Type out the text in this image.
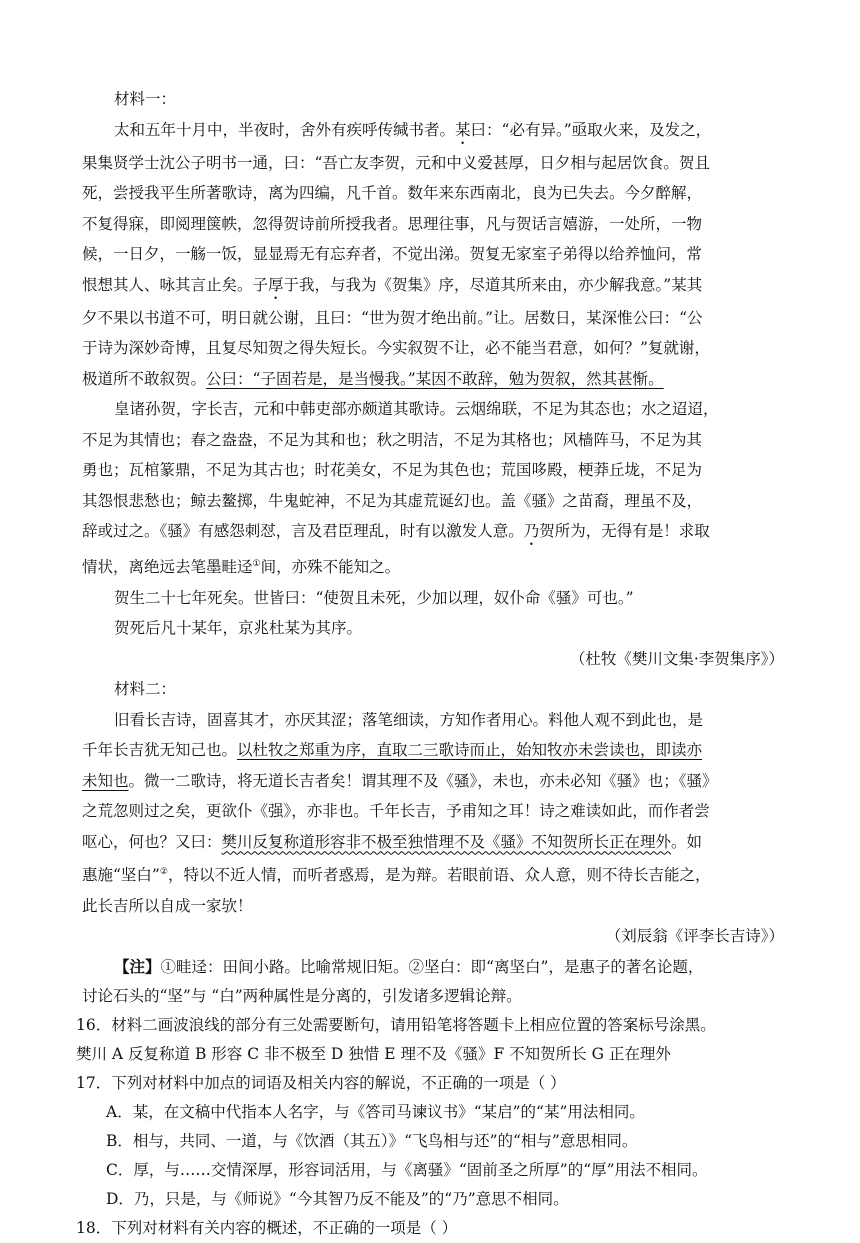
材料一：

太和五年十月中，半夜时，舍外有疾呼传缄书者。某曰：“必有异。”亟取火来，及发之，

果集贤学士沈公子明书一通，曰：“吾亡友李贺，元和中义爱甚厚，日夕相与起居饮食。贺且

死，尝授我平生所著歌诗，离为四编，凡千首。数年来东西南北，良为已失去。今夕醉解，

不复得寐，即阅理箧帙，忽得贺诗前所授我者。思理往事，凡与贺话言嬉游，一处所，一物

候，一日夕，一觞一饭，显显焉无有忘弃者，不觉出涕。贺复无家室子弟得以给养恤问，常

恨想其人、咏其言止矣。子厚于我，与我为《贺集》序，尽道其所来由，亦少解我意。”某其

夕不果以书道不可，明日就公谢，且曰：“世为贺才绝出前。”让。居数日，某深惟公曰：“公

于诗为深妙奇博，且复尽知贺之得失短长。今实叙贺不让，必不能当君意，如何？”复就谢，

极道所不敢叙贺。公曰：“子固若是，是当慢我。”某因不敢辞，勉为贺叙，然其甚惭。

皇诸孙贺，字长吉，元和中韩吏部亦颇道其歌诗。云烟绵联，不足为其态也；水之迢迢，

不足为其情也；春之盎盎，不足为其和也；秋之明洁，不足为其格也；风樯阵马，不足为其

勇也；瓦棺篆鼎，不足为其古也；时花美女，不足为其色也；荒国哆殿，梗莽丘垅，不足为

其怨恨悲愁也；鲸去鳌掷，牛鬼蛇神，不足为其虚荒诞幻也。盖《骚》之苗裔，理虽不及，

辞或过之。《骚》有感怨刺怼，言及君臣理乱，时有以激发人意。乃贺所为，无得有是！求取

情状，离绝远去笔墨畦迳①间，亦殊不能知之。

贺生二十七年死矣。世皆曰：“使贺且未死，少加以理，奴仆命《骚》可也。”

贺死后凡十某年，京兆杜某为其序。

（杜牧《樊川文集·李贺集序》）

材料二：

旧看长吉诗，固喜其才，亦厌其涩；落笔细读，方知作者用心。料他人观不到此也，是

千年长吉犹无知己也。以杜牧之郑重为序，直取二三歌诗而止，始知牧亦未尝读也，即读亦

未知也。微一二歌诗，将无道长吉者矣！谓其理不及《骚》，未也，亦未必知《骚》也；《骚》

之荒忽则过之矣，更欲仆《强》，亦非也。千年长吉，予甫知之耳！诗之难读如此，而作者尝

呕心，何也？又曰：樊川反复称道形容非不极至独惜理不及《骚》不知贺所长正在理外。如

惠施“坚白”②，特以不近人情，而听者惑焉，是为辩。若眼前语、众人意，则不待长吉能之，

此长吉所以自成一家欤！

（刘辰翁《评李长吉诗》）

【注】①畦迳：田间小路。比喻常规旧矩。②坚白：即“离坚白”，是惠子的著名论题，

讨论石头的“坚”与 “白”两种属性是分离的，引发诸多逻辑论辩。

16．材料二画波浪线的部分有三处需要断句，请用铅笔将答题卡上相应位置的答案标号涂黑。

樊川 A 反复称道 B 形容 C 非不极至 D 独惜 E 理不及《骚》F 不知贺所长 G 正在理外

17．下列对材料中加点的词语及相关内容的解说，不正确的一项是（ ）

A．某，在文稿中代指本人名字，与《答司马谏议书》“某启”的“某”用法相同。

B．相与，共同、一道，与《饮酒（其五）》“飞鸟相与还”的“相与”意思相同。

C．厚，与……交情深厚，形容词活用，与《离骚》“固前圣之所厚”的“厚”用法不相同。

D．乃，只是，与《师说》“今其智乃反不能及”的“乃”意思不相同。

18．下列对材料有关内容的概述，不正确的一项是（ ）
